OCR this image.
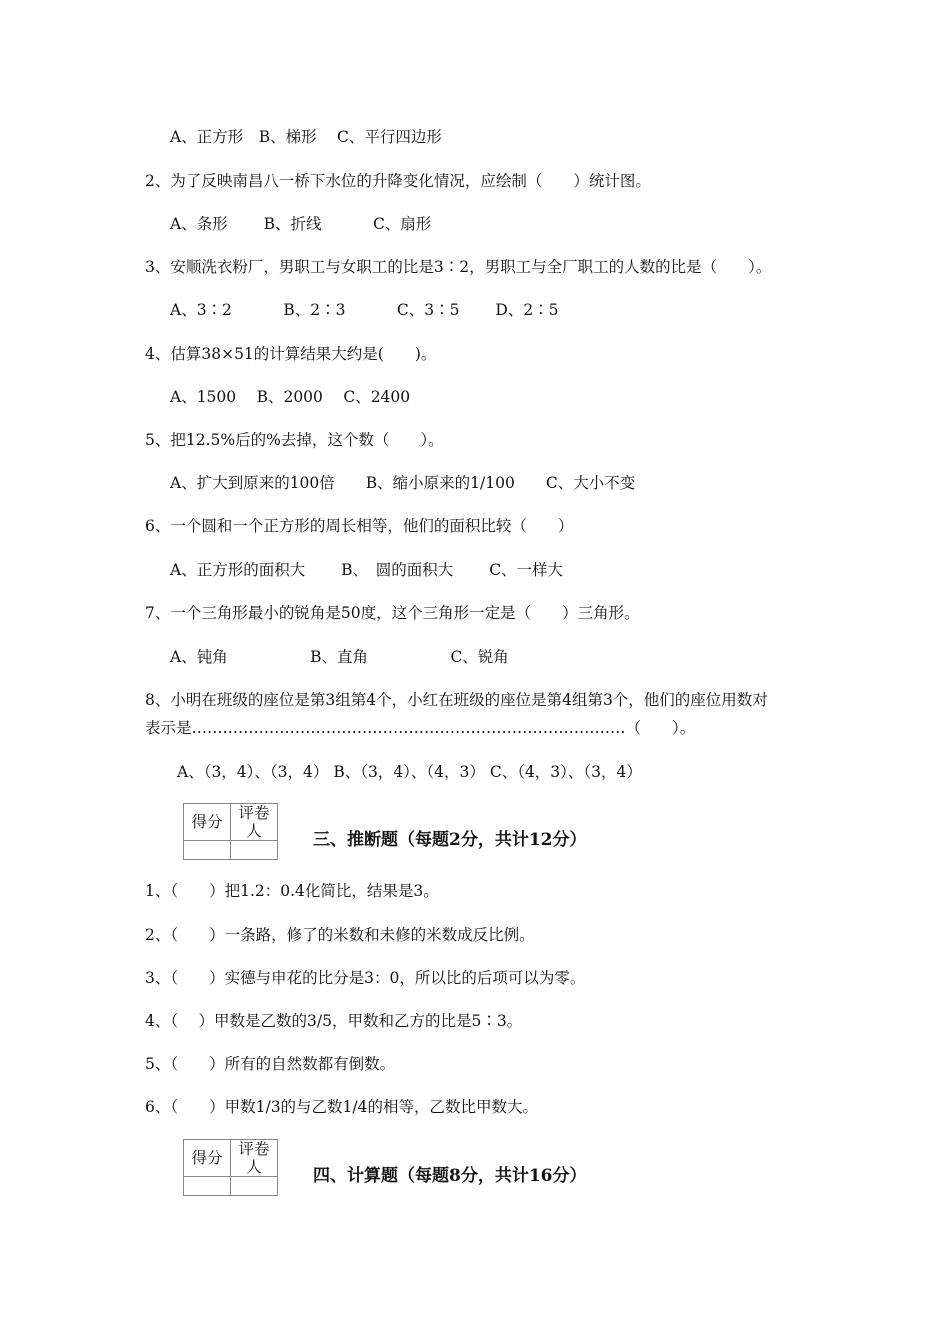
A、正方形　B、梯形　 C、平行四边形
2、为了反映南昌八一桥下水位的升降变化情况，应绘制（　　）统计图。
A、条形　　 B、折线　　　 C、扇形
3、安顺洗衣粉厂，男职工与女职工的比是3∶2，男职工与全厂职工的人数的比是（　　）。
A、3∶2　　　 B、2∶3　　　 C、3∶5　　 D、2∶5
4、估算38×51的计算结果大约是(　　)。
A、1500　 B、2000　 C、2400
5、把12.5%后的%去掉，这个数（　　）。
A、扩大到原来的100倍　　B、缩小原来的1/100　　C、大小不变
6、一个圆和一个正方形的周长相等，他们的面积比较（　　）
A、正方形的面积大　　 B、　圆的面积大　　 C、一样大
7、一个三角形最小的锐角是50度，这个三角形一定是（　　）三角形。
A、钝角　　　　　 B、直角　　　　　 C、锐角
8、小明在班级的座位是第3组第4个，小红在班级的座位是第4组第3个，他们的座位用数对
表示是…………………………………………………………………………（　　）。
A、（3，4）、（3，4） B、（3，4）、（4，3） C、（4，3）、（3，4）
得分	评卷人
		三、推断题（每题2分，共计12分）
1、（　　）把1.2：0.4化简比，结果是3。
2、（　　）一条路，修了的米数和未修的米数成反比例。
3、（　　）实德与申花的比分是3：0，所以比的后项可以为零。
4、（　 ）甲数是乙数的3/5，甲数和乙方的比是5∶3。
5、（　　）所有的自然数都有倒数。
6、（　　）甲数1/3的与乙数1/4的相等，乙数比甲数大。
得分	评卷人
		四、计算题（每题8分，共计16分）
